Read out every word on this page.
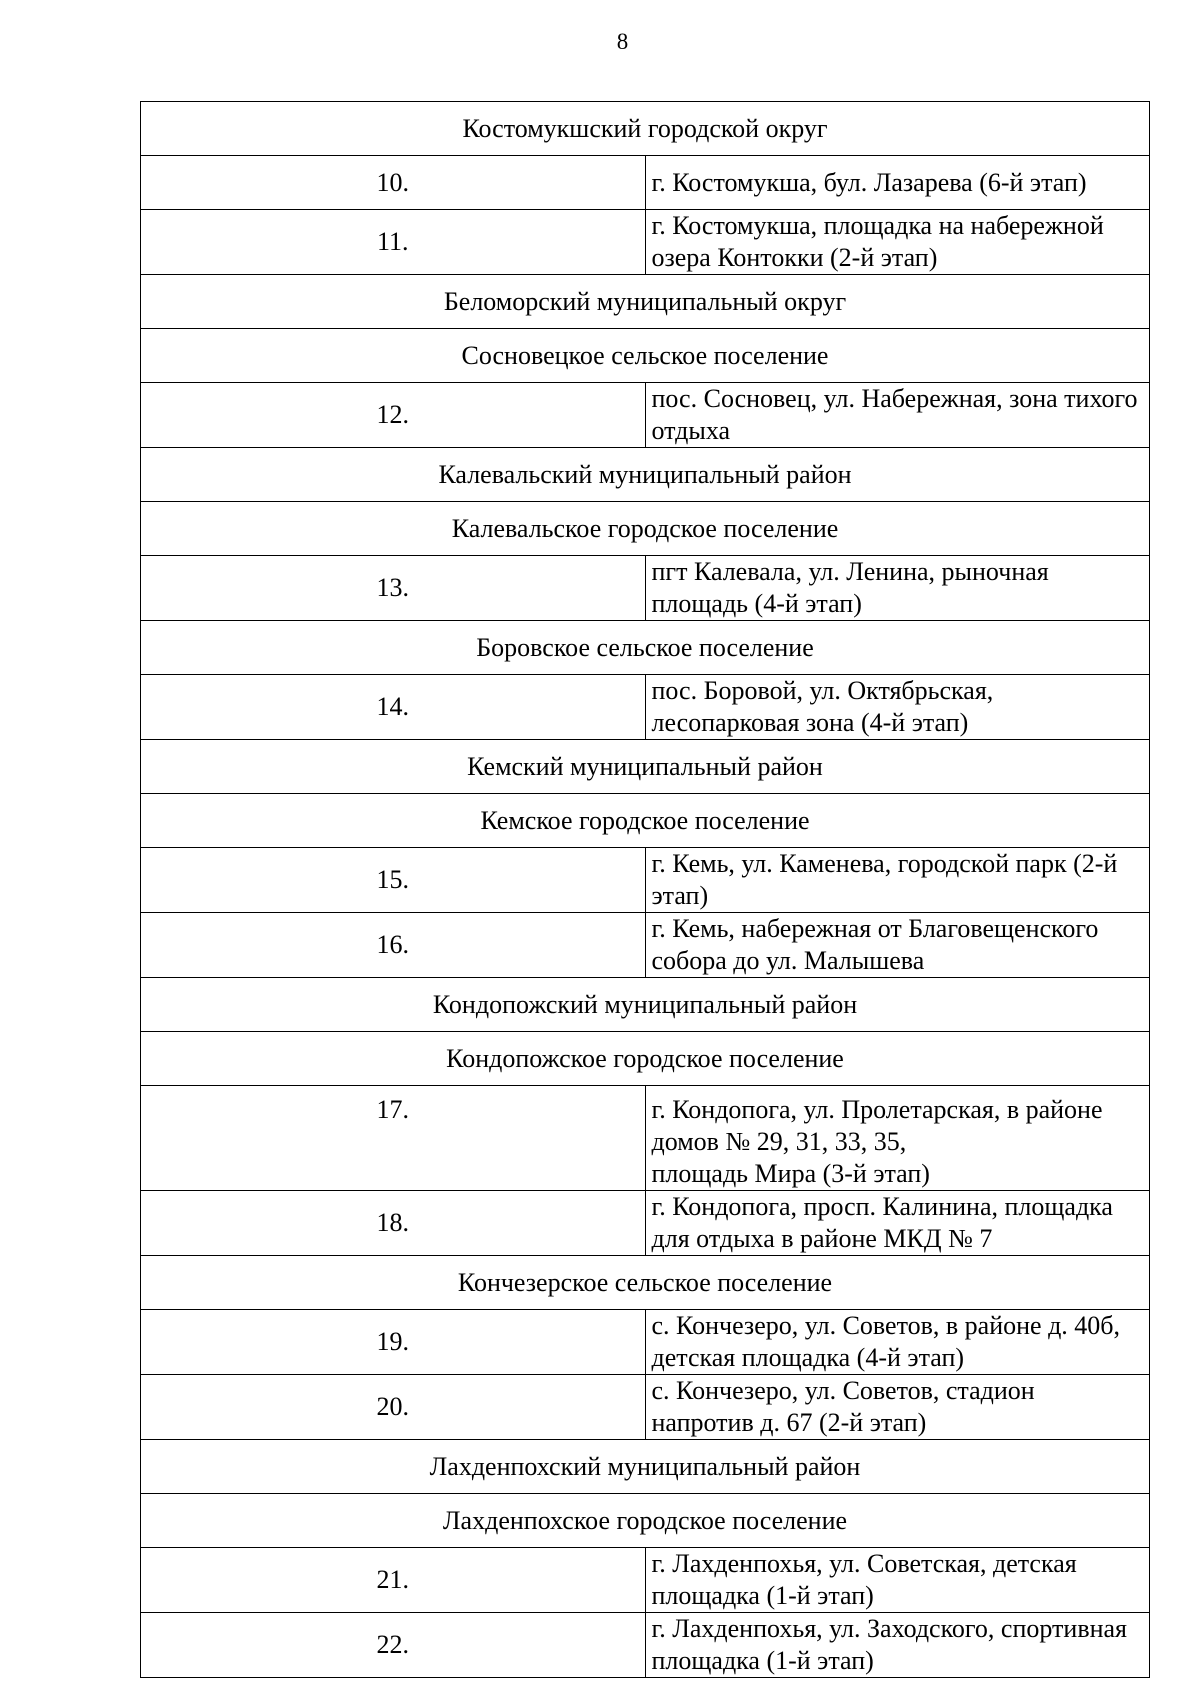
8
Костомукшский городской округ	
10.	г. Костомукша, бул. Лазарева (6-й этап)
11.	г. Костомукша, площадка на набережной озера Контокки (2-й этап)
Беломорский муниципальный округ	
Сосновецкое сельское поселение	
12.	пос. Сосновец, ул. Набережная, зона тихого отдыха
Калевальский муниципальный район	
Калевальское городское поселение	
13.	пгт Калевала, ул. Ленина, рыночная площадь (4-й этап)
Боровское сельское поселение	
14.	пос. Боровой, ул. Октябрьская, лесопарковая зона (4-й этап)
Кемский муниципальный район	
Кемское городское поселение	
15.	г. Кемь, ул. Каменева, городской парк (2-й этап)
16.	г. Кемь, набережная от Благовещенского собора до ул. Малышева
Кондопожский муниципальный район	
Кондопожское городское поселение	
17.	г. Кондопога, ул. Пролетарская, в районе домов № 29, 31, 33, 35,
площадь Мира (3-й этап)
18.	г. Кондопога, просп. Калинина, площадка для отдыха в районе МКД № 7
Кончезерское сельское поселение	
19.	с. Кончезеро, ул. Советов, в районе д. 40б, детская площадка (4-й этап)
20.	с. Кончезеро, ул. Советов, стадион напротив д. 67 (2-й этап)
Лахденпохский муниципальный район	
Лахденпохское городское поселение	
21.	г. Лахденпохья, ул. Советская, детская площадка (1-й этап)
22.	г. Лахденпохья, ул. Заходского, спортивная площадка (1-й этап)
